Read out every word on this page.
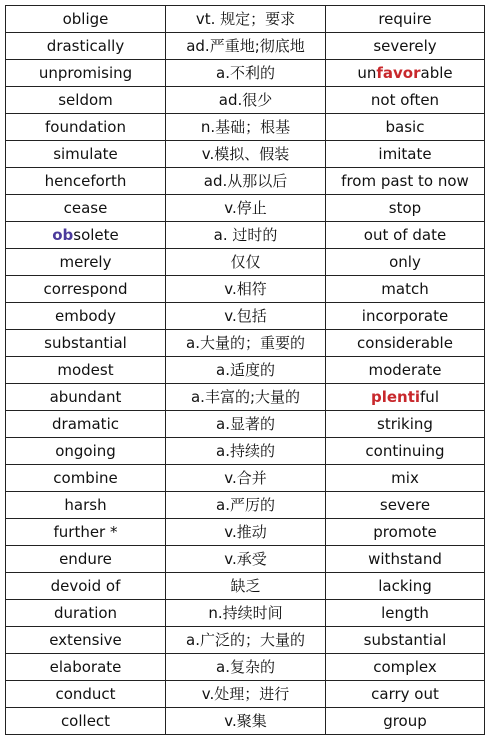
oblige	vt. 规定；要求	require
drastically	ad.严重地;彻底地	severely
unpromising	a.不利的	unfavorable
seldom	ad.很少	not often
foundation	n.基础；根基	basic
simulate	v.模拟、假装	imitate
henceforth	ad.从那以后	from past to now
cease	v.停止	stop
obsolete	a. 过时的	out of date
merely	仅仅	only
correspond	v.相符	match
embody	v.包括	incorporate
substantial	a.大量的；重要的	considerable
modest	a.适度的	moderate
abundant	a.丰富的;大量的	plentiful
dramatic	a.显著的	striking
ongoing	a.持续的	continuing
combine	v.合并	mix
harsh	a.严厉的	severe
further *	v.推动	promote
endure	v.承受	withstand
devoid of	缺乏	lacking
duration	n.持续时间	length
extensive	a.广泛的；大量的	substantial
elaborate	a.复杂的	complex
conduct	v.处理；进行	carry out
collect	v.聚集	group
